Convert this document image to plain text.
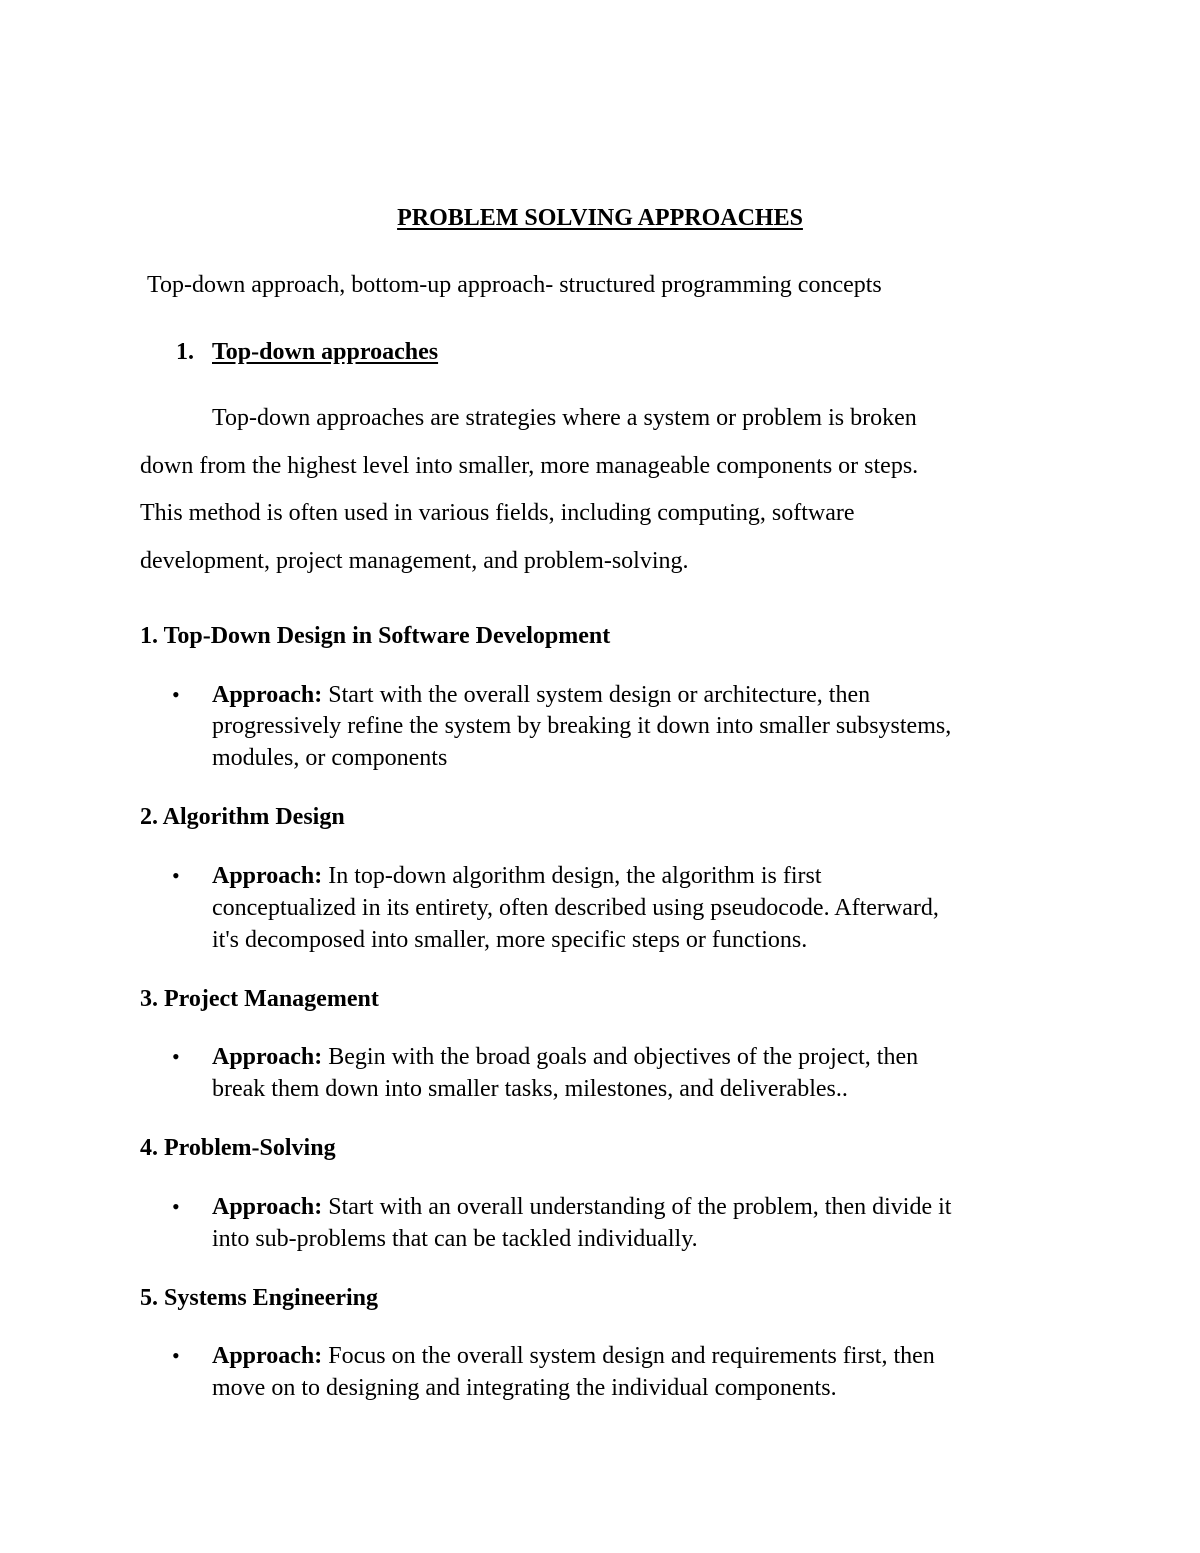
PROBLEM SOLVING APPROACHES
Top-down approach, bottom-up approach- structured programming concepts
1. Top-down approaches
Top-down approaches are strategies where a system or problem is broken
down from the highest level into smaller, more manageable components or steps.
This method is often used in various fields, including computing, software
development, project management, and problem-solving.
1. Top-Down Design in Software Development
• Approach: Start with the overall system design or architecture, then
progressively refine the system by breaking it down into smaller subsystems,
modules, or components
2. Algorithm Design
• Approach: In top-down algorithm design, the algorithm is first
conceptualized in its entirety, often described using pseudocode. Afterward,
it's decomposed into smaller, more specific steps or functions.
3. Project Management
• Approach: Begin with the broad goals and objectives of the project, then
break them down into smaller tasks, milestones, and deliverables..
4. Problem-Solving
• Approach: Start with an overall understanding of the problem, then divide it
into sub-problems that can be tackled individually.
5. Systems Engineering
• Approach: Focus on the overall system design and requirements first, then
move on to designing and integrating the individual components.
